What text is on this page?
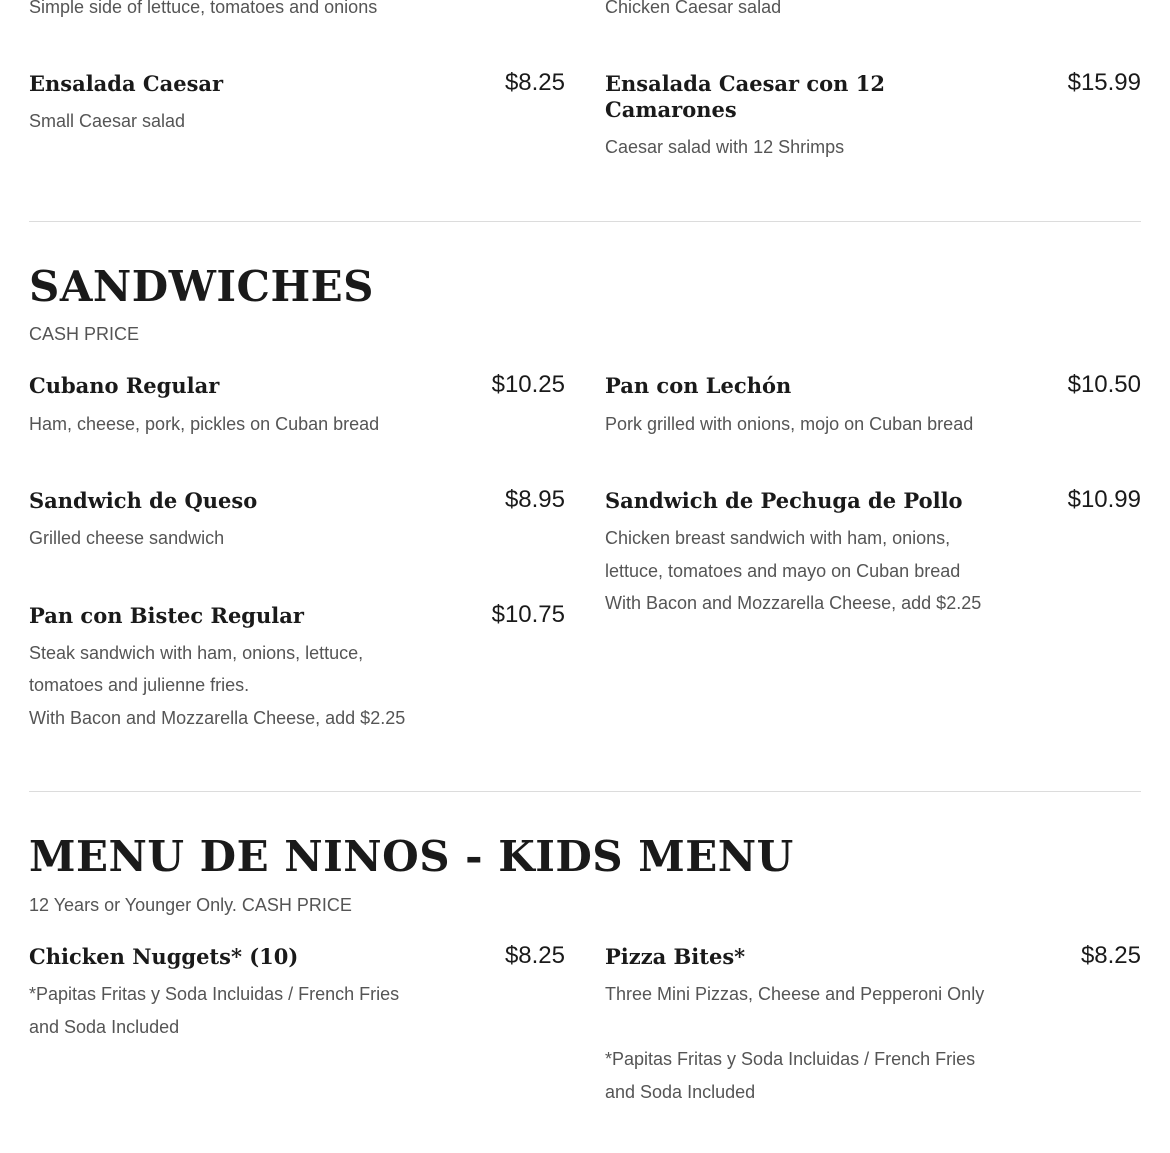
Simple side of lettuce, tomatoes and onions	Chicken Caesar salad
Ensalada Caesar	$8.25
Small Caesar salad
Ensalada Caesar con 12
Camarones
$15.99
Caesar salad with 12 Shrimps
SANDWICHES
CASH PRICE
Cubano Regular	$10.25
Ham, cheese, pork, pickles on Cuban bread
Pan con Lechón	$10.50
Pork grilled with onions, mojo on Cuban bread
Sandwich de Queso	$8.95
Grilled cheese sandwich
Sandwich de Pechuga de Pollo	$10.99
Chicken breast sandwich with ham, onions,
lettuce, tomatoes and mayo on Cuban bread
With Bacon and Mozzarella Cheese, add $2.25
Pan con Bistec Regular	$10.75
Steak sandwich with ham, onions, lettuce,
tomatoes and julienne fries.
With Bacon and Mozzarella Cheese, add $2.25
MENU DE NINOS - KIDS MENU
12 Years or Younger Only. CASH PRICE
Chicken Nuggets* (10)	$8.25
*Papitas Fritas y Soda Incluidas / French Fries
and Soda Included
Pizza Bites*	$8.25
Three Mini Pizzas, Cheese and Pepperoni Only
*Papitas Fritas y Soda Incluidas / French Fries
and Soda Included
